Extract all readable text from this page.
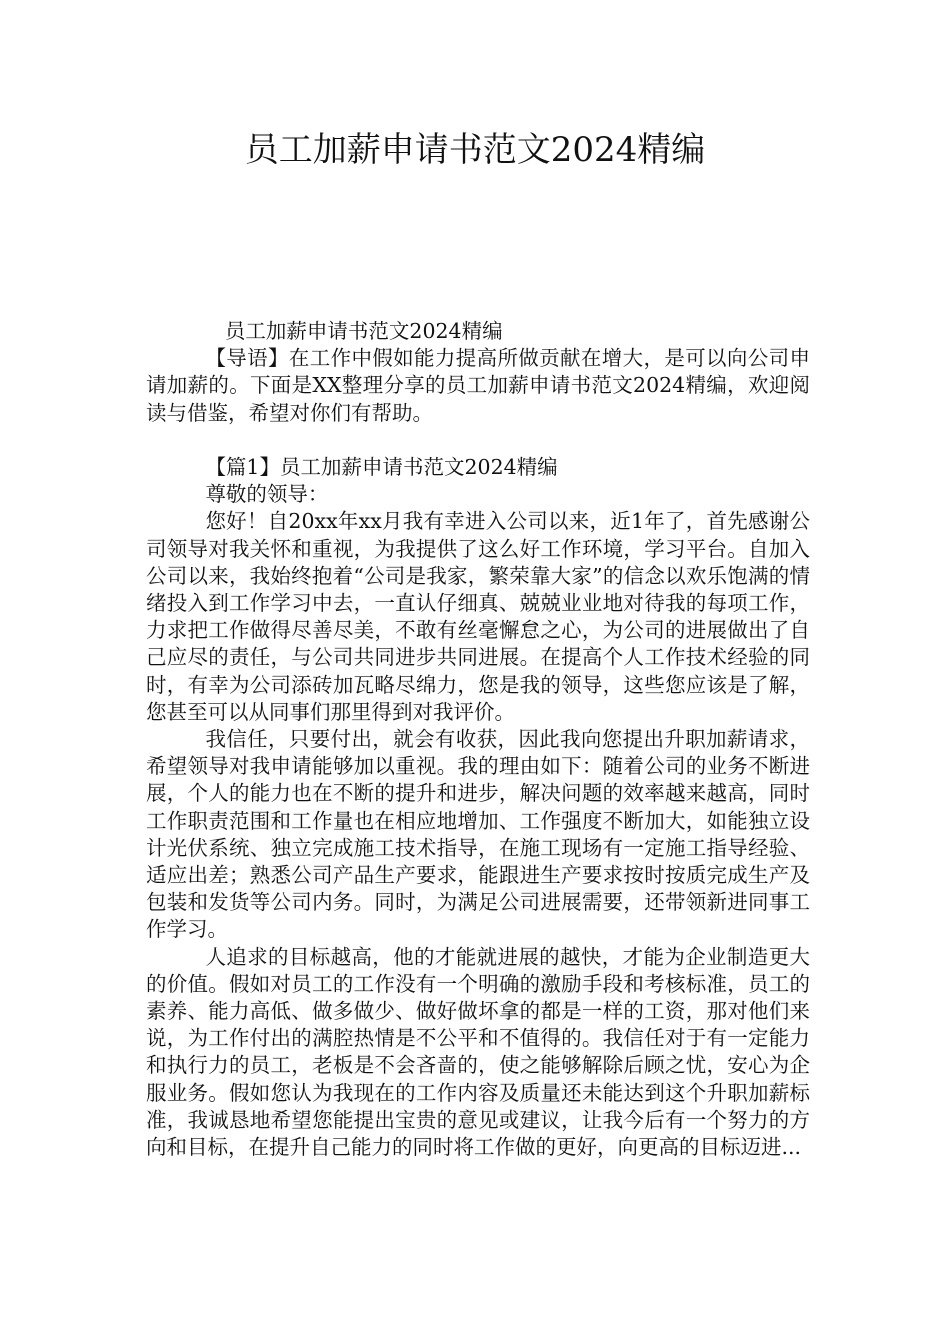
员工加薪申请书范文2024精编

员工加薪申请书范文2024精编

【导语】在工作中假如能力提高所做贡献在增大，是可以向公司申请加薪的。下面是XX整理分享的员工加薪申请书范文2024精编，欢迎阅读与借鉴，希望对你们有帮助。

【篇1】员工加薪申请书范文2024精编

尊敬的领导：

您好！自20xx年xx月我有幸进入公司以来，近1年了，首先感谢公司领导对我关怀和重视，为我提供了这么好工作环境，学习平台。自加入公司以来，我始终抱着“公司是我家，繁荣靠大家”的信念以欢乐饱满的情绪投入到工作学习中去，一直认仔细真、兢兢业业地对待我的每项工作，力求把工作做得尽善尽美，不敢有丝毫懈怠之心，为公司的进展做出了自己应尽的责任，与公司共同进步共同进展。在提高个人工作技术经验的同时，有幸为公司添砖加瓦略尽绵力，您是我的领导，这些您应该是了解，您甚至可以从同事们那里得到对我评价。

我信任，只要付出，就会有收获，因此我向您提出升职加薪请求，希望领导对我申请能够加以重视。我的理由如下：随着公司的业务不断进展，个人的能力也在不断的提升和进步，解决问题的效率越来越高，同时工作职责范围和工作量也在相应地增加、工作强度不断加大，如能独立设计光伏系统、独立完成施工技术指导，在施工现场有一定施工指导经验、适应出差；熟悉公司产品生产要求，能跟进生产要求按时按质完成生产及包装和发货等公司内务。同时，为满足公司进展需要，还带领新进同事工作学习。

人追求的目标越高，他的才能就进展的越快，才能为企业制造更大的价值。假如对员工的工作没有一个明确的激励手段和考核标准，员工的素养、能力高低、做多做少、做好做坏拿的都是一样的工资，那对他们来说，为工作付出的满腔热情是不公平和不值得的。我信任对于有一定能力和执行力的员工，老板是不会吝啬的，使之能够解除后顾之忧，安心为企服业务。假如您认为我现在的工作内容及质量还未能达到这个升职加薪标准，我诚恳地希望您能提出宝贵的意见或建议，让我今后有一个努力的方向和目标，在提升自己能力的同时将工作做的更好，向更高的目标迈进...
